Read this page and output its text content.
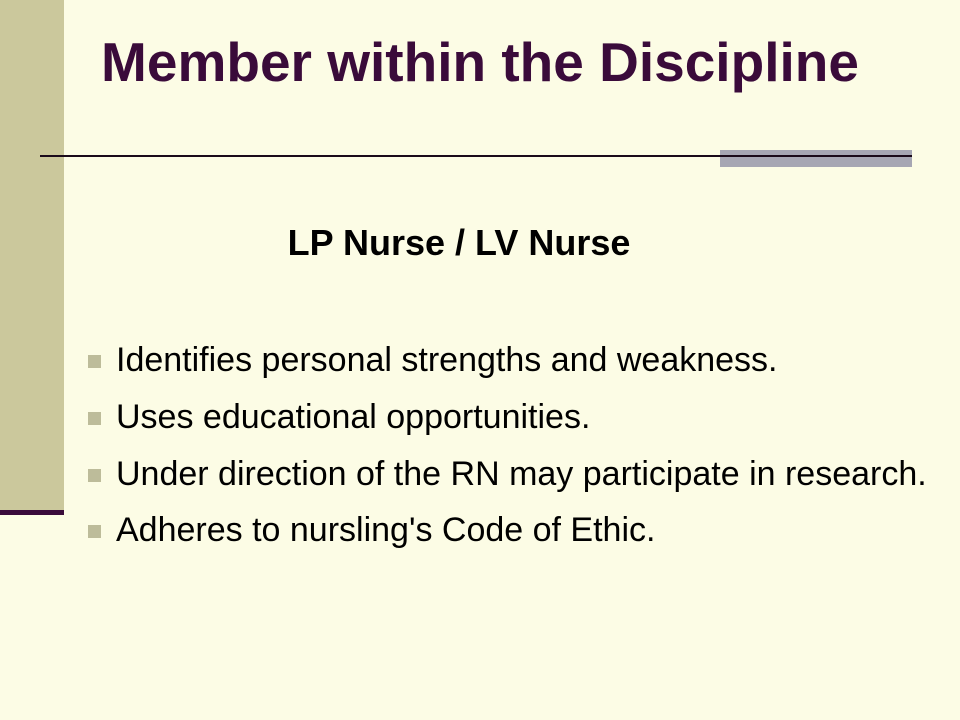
Member within the Discipline
LP Nurse / LV Nurse
Identifies personal strengths and weakness.
Uses educational opportunities.
Under direction of the RN may participate in research.
Adheres to nursling's Code of Ethic.
